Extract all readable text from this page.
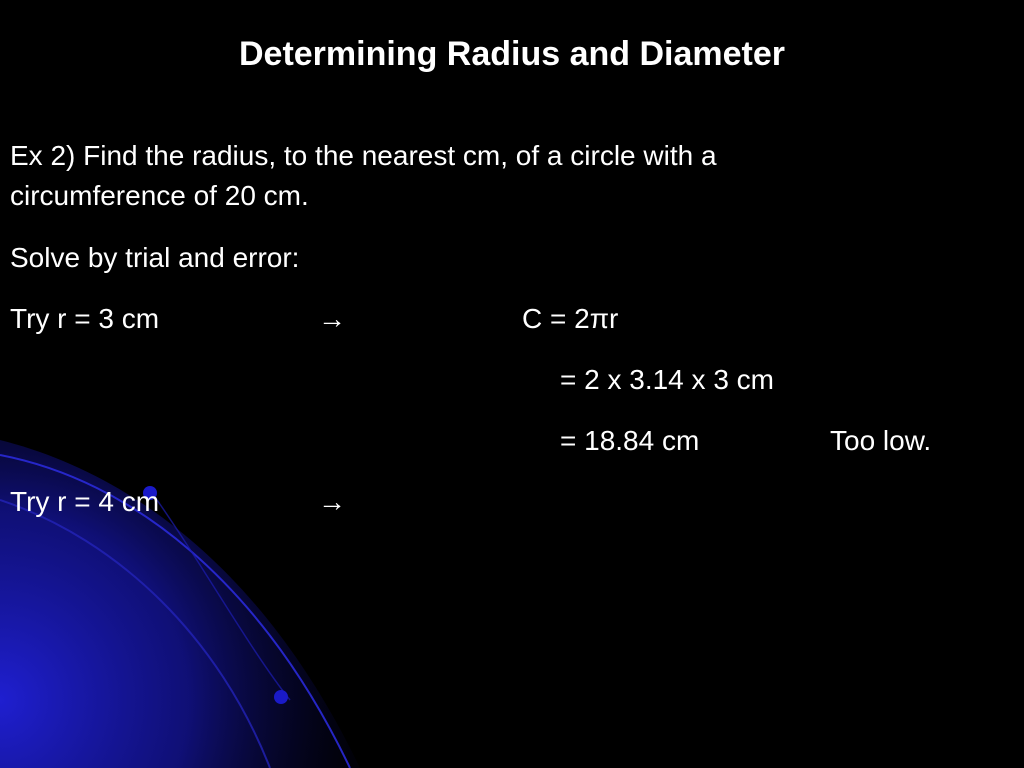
Determining Radius and Diameter
Ex 2) Find the radius, to the nearest cm, of a circle with a
circumference of 20 cm.
Solve by trial and error:
Try r = 3 cm	→	C = 2πr
= 2 x 3.14 x 3 cm
= 18.84 cm	Too low.
Try r = 4 cm	→
